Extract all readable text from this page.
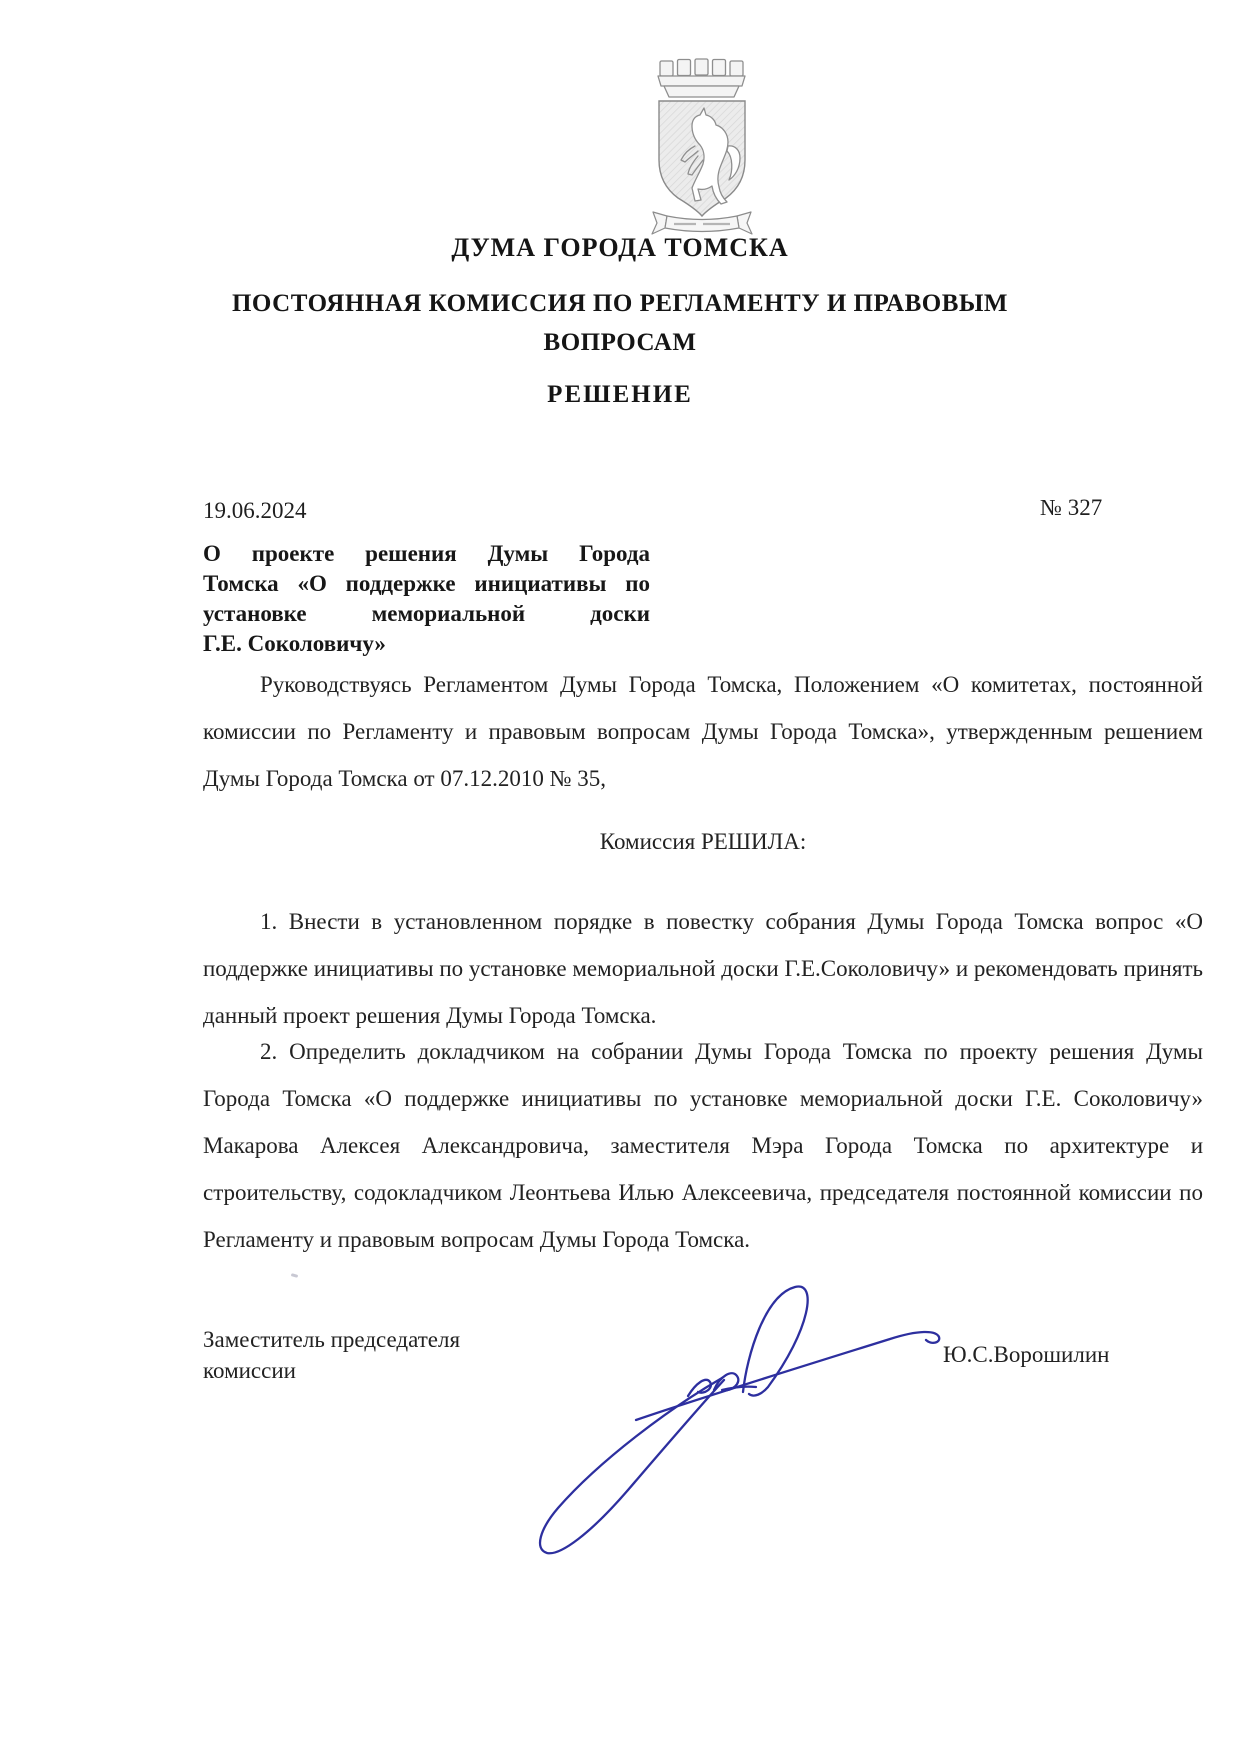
ДУМА ГОРОДА ТОМСКА
ПОСТОЯННАЯ КОМИССИЯ ПО РЕГЛАМЕНТУ И ПРАВОВЫМ
ВОПРОСАМ
РЕШЕНИЕ
19.06.2024	№ 327
О проекте решения Думы Города
Томска «О поддержке инициативы по
установке мемориальной доски
Г.Е. Соколовичу»

Руководствуясь Регламентом Думы Города Томска, Положением «О комитетах, постоянной комиссии по Регламенту и правовым вопросам Думы Города Томска», утвержденным решением Думы Города Томска от 07.12.2010 № 35,

Комиссия РЕШИЛА:

1. Внести в установленном порядке в повестку собрания Думы Города Томска вопрос «О поддержке инициативы по установке мемориальной доски Г.Е.Соколовичу» и рекомендовать принять данный проект решения Думы Города Томска.

2. Определить докладчиком на собрании Думы Города Томска по проекту решения Думы Города Томска «О поддержке инициативы по установке мемориальной доски Г.Е. Соколовичу» Макарова Алексея Александровича, заместителя Мэра Города Томска по архитектуре и строительству, содокладчиком Леонтьева Илью Алексеевича, председателя постоянной комиссии по Регламенту и правовым вопросам Думы Города Томска.

Заместитель председателя комиссии
Ю.С.Ворошилин
